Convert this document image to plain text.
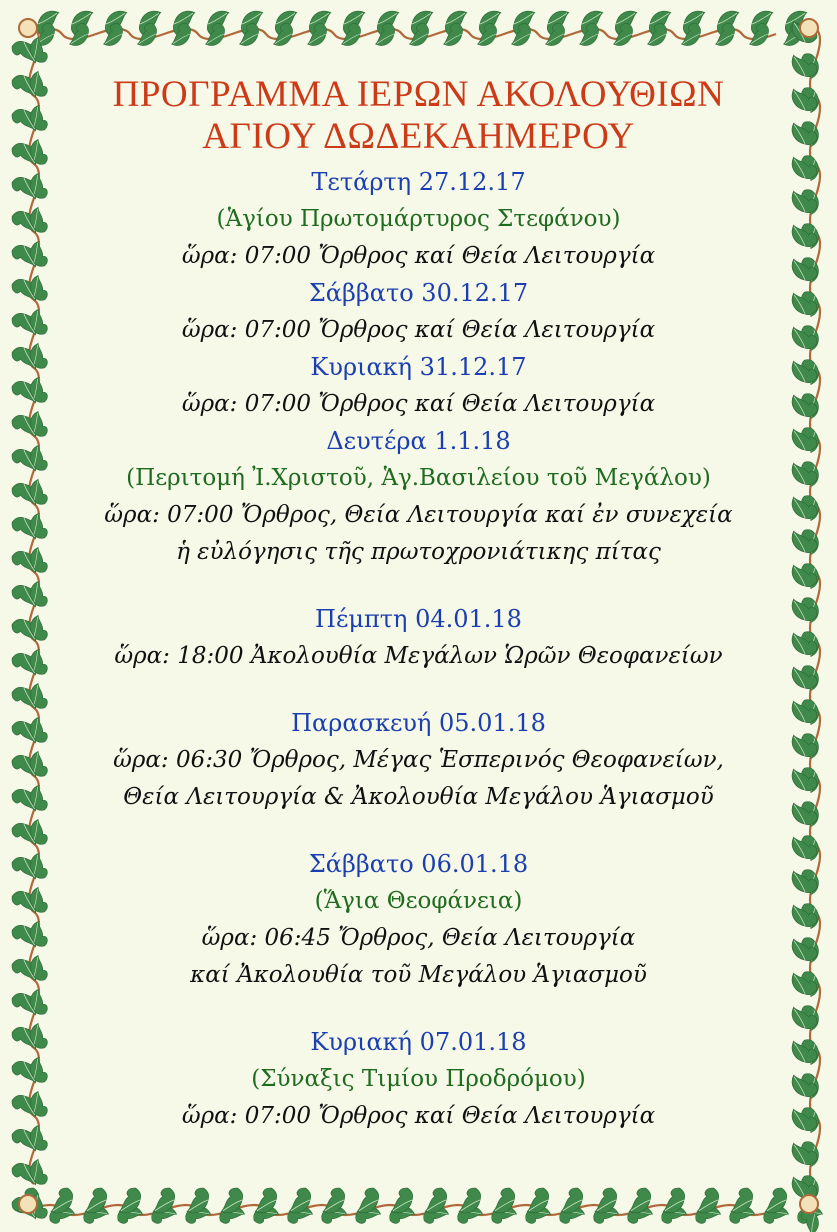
ΠΡΟΓΡΑΜΜΑ ΙΕΡΩΝ ΑΚΟΛΟΥΘΙΩΝ
ΑΓΙΟΥ ΔΩΔΕΚΑΗΜΕΡΟΥ
Τετάρτη 27.12.17
(Ἁγίου Πρωτομάρτυρος Στεφάνου)
ὥρα: 07:00 Ὄρθρος καί Θεία Λειτουργία
Σάββατο 30.12.17
ὥρα: 07:00 Ὄρθρος καί Θεία Λειτουργία
Κυριακή 31.12.17
ὥρα: 07:00 Ὄρθρος καί Θεία Λειτουργία
Δευτέρα 1.1.18
(Περιτομή Ἰ.Χριστοῦ, Ἁγ.Βασιλείου τοῦ Μεγάλου)
ὥρα: 07:00 Ὄρθρος, Θεία Λειτουργία καί ἐν συνεχεία
ἡ εὐλόγησις τῆς πρωτοχρονιάτικης πίτας
Πέμπτη 04.01.18
ὥρα: 18:00 Ἀκολουθία Μεγάλων Ὡρῶν Θεοφανείων
Παρασκευή 05.01.18
ὥρα: 06:30 Ὄρθρος, Μέγας Ἑσπερινός Θεοφανείων,
Θεία Λειτουργία & Ἀκολουθία Μεγάλου Ἁγιασμοῦ
Σάββατο 06.01.18
(Ἅγια Θεοφάνεια)
ὥρα: 06:45 Ὄρθρος, Θεία Λειτουργία
καί Ἀκολουθία τοῦ Μεγάλου Ἁγιασμοῦ
Κυριακή 07.01.18
(Σύναξις Τιμίου Προδρόμου)
ὥρα: 07:00 Ὄρθρος καί Θεία Λειτουργία
